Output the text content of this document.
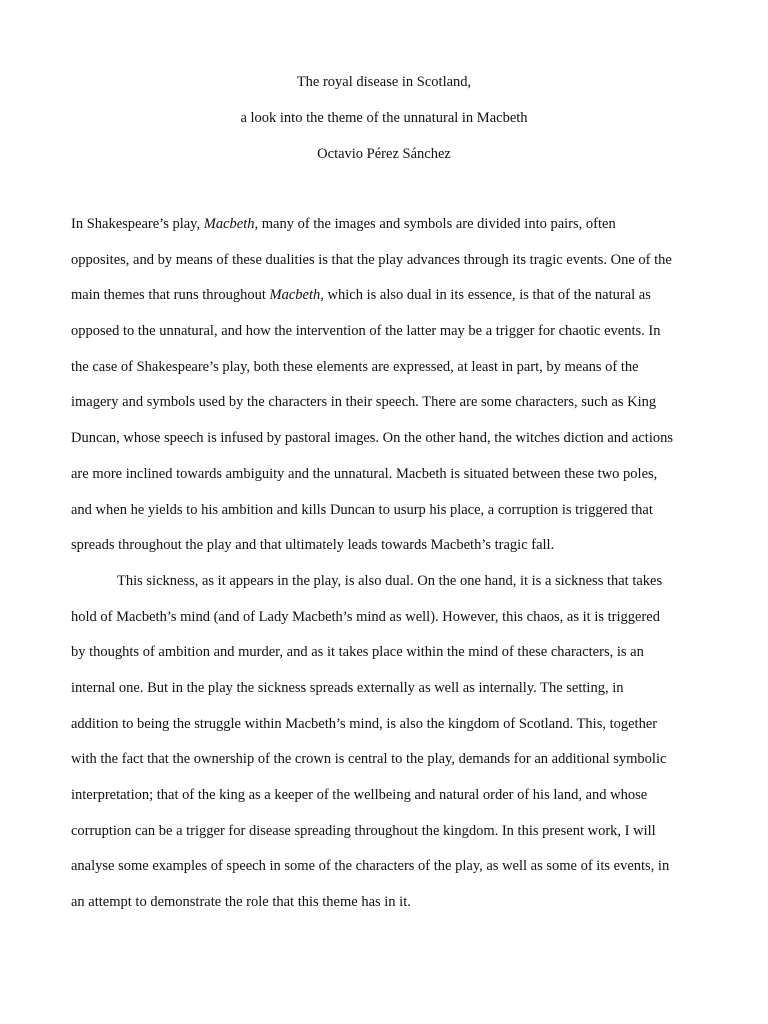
The royal disease in Scotland,
a look into the theme of the unnatural in Macbeth
Octavio Pérez Sánchez
In Shakespeare’s play, Macbeth, many of the images and symbols are divided into pairs, often
opposites, and by means of these dualities is that the play advances through its tragic events. One of the
main themes that runs throughout Macbeth, which is also dual in its essence, is that of the natural as
opposed to the unnatural, and how the intervention of the latter may be a trigger for chaotic events. In
the case of Shakespeare’s play, both these elements are expressed, at least in part, by means of the
imagery and symbols used by the characters in their speech. There are some characters, such as King
Duncan, whose speech is infused by pastoral images. On the other hand, the witches diction and actions
are more inclined towards ambiguity and the unnatural. Macbeth is situated between these two poles,
and when he yields to his ambition and kills Duncan to usurp his place, a corruption is triggered that
spreads throughout the play and that ultimately leads towards Macbeth’s tragic fall.
This sickness, as it appears in the play, is also dual. On the one hand, it is a sickness that takes
hold of Macbeth’s mind (and of Lady Macbeth’s mind as well). However, this chaos, as it is triggered
by thoughts of ambition and murder, and as it takes place within the mind of these characters, is an
internal one. But in the play the sickness spreads externally as well as internally. The setting, in
addition to being the struggle within Macbeth’s mind, is also the kingdom of Scotland. This, together
with the fact that the ownership of the crown is central to the play, demands for an additional symbolic
interpretation; that of the king as a keeper of the wellbeing and natural order of his land, and whose
corruption can be a trigger for disease spreading throughout the kingdom. In this present work, I will
analyse some examples of speech in some of the characters of the play, as well as some of its events, in
an attempt to demonstrate the role that this theme has in it.
